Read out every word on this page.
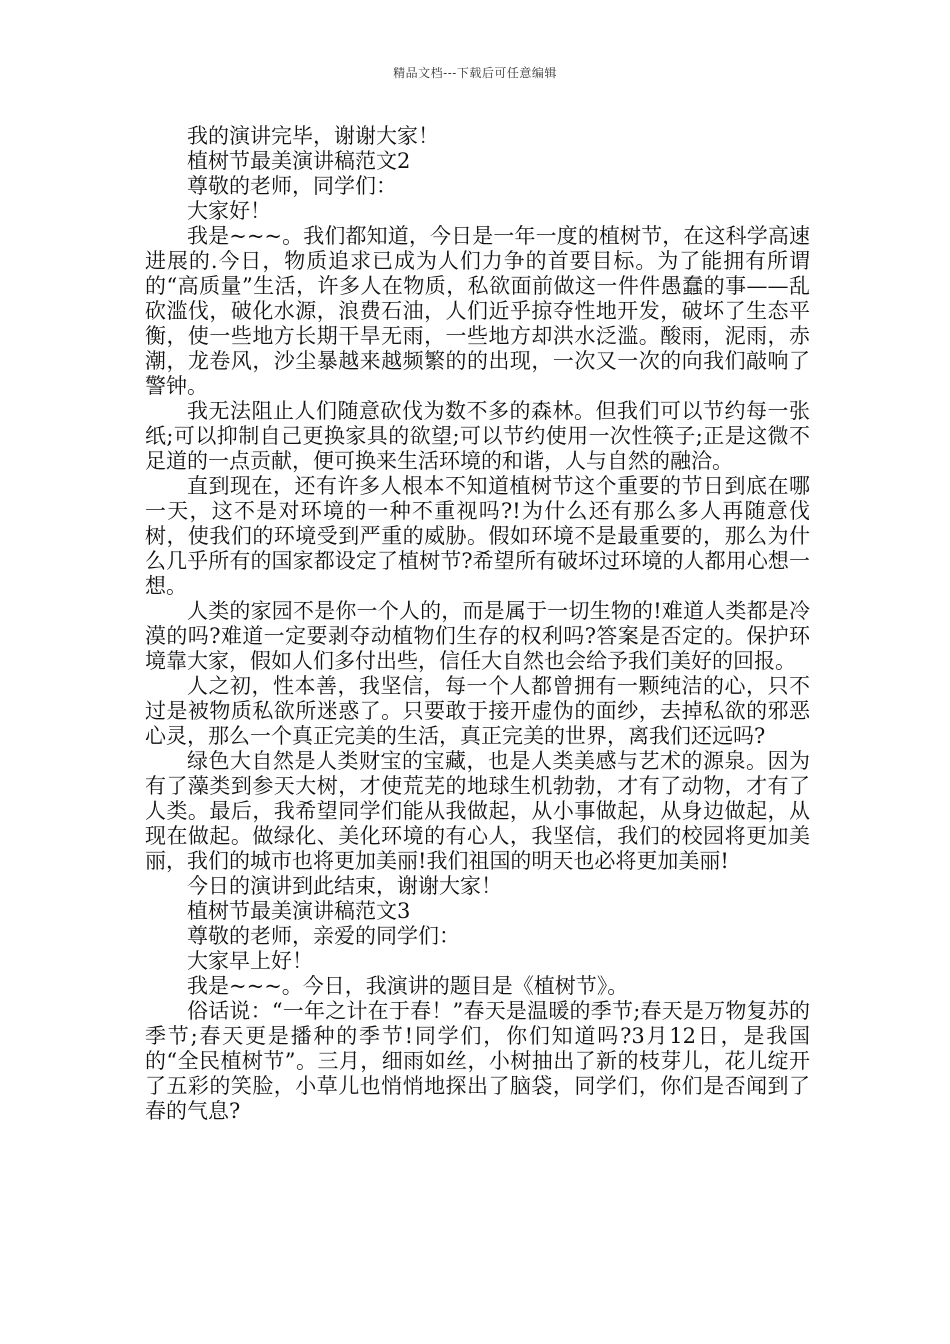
精品文档---下载后可任意编辑

我的演讲完毕，谢谢大家！

植树节最美演讲稿范文2

尊敬的老师，同学们：

大家好！

我是~~~。我们都知道，今日是一年一度的植树节，在这科学高速进展的.今日，物质追求已成为人们力争的首要目标。为了能拥有所谓的“高质量”生活，许多人在物质，私欲面前做这一件件愚蠢的事——乱砍滥伐，破化水源，浪费石油，人们近乎掠夺性地开发，破坏了生态平衡，使一些地方长期干旱无雨，一些地方却洪水泛滥。酸雨，泥雨，赤潮，龙卷风，沙尘暴越来越频繁的的出现，一次又一次的向我们敲响了警钟。

我无法阻止人们随意砍伐为数不多的森林。但我们可以节约每一张纸;可以抑制自己更换家具的欲望;可以节约使用一次性筷子;正是这微不足道的一点贡献，便可换来生活环境的和谐，人与自然的融洽。

直到现在，还有许多人根本不知道植树节这个重要的节日到底在哪一天，这不是对环境的一种不重视吗?!为什么还有那么多人再随意伐树，使我们的环境受到严重的威胁。假如环境不是最重要的，那么为什么几乎所有的国家都设定了植树节?希望所有破坏过环境的人都用心想一想。

人类的家园不是你一个人的，而是属于一切生物的!难道人类都是冷漠的吗?难道一定要剥夺动植物们生存的权利吗?答案是否定的。保护环境靠大家，假如人们多付出些，信任大自然也会给予我们美好的回报。

人之初，性本善，我坚信，每一个人都曾拥有一颗纯洁的心，只不过是被物质私欲所迷惑了。只要敢于接开虚伪的面纱，去掉私欲的邪恶心灵，那么一个真正完美的生活，真正完美的世界，离我们还远吗?

绿色大自然是人类财宝的宝藏，也是人类美感与艺术的源泉。因为有了藻类到参天大树，才使荒芜的地球生机勃勃，才有了动物，才有了人类。最后，我希望同学们能从我做起，从小事做起，从身边做起，从现在做起。做绿化、美化环境的有心人，我坚信，我们的校园将更加美丽，我们的城市也将更加美丽!我们祖国的明天也必将更加美丽!

今日的演讲到此结束，谢谢大家！

植树节最美演讲稿范文3

尊敬的老师，亲爱的同学们：

大家早上好！

我是~~~。今日，我演讲的题目是《植树节》。

俗话说：“一年之计在于春！”春天是温暖的季节;春天是万物复苏的季节;春天更是播种的季节!同学们，你们知道吗?3月12日，是我国的“全民植树节”。三月，细雨如丝，小树抽出了新的枝芽儿，花儿绽开了五彩的笑脸，小草儿也悄悄地探出了脑袋，同学们，你们是否闻到了春的气息?
